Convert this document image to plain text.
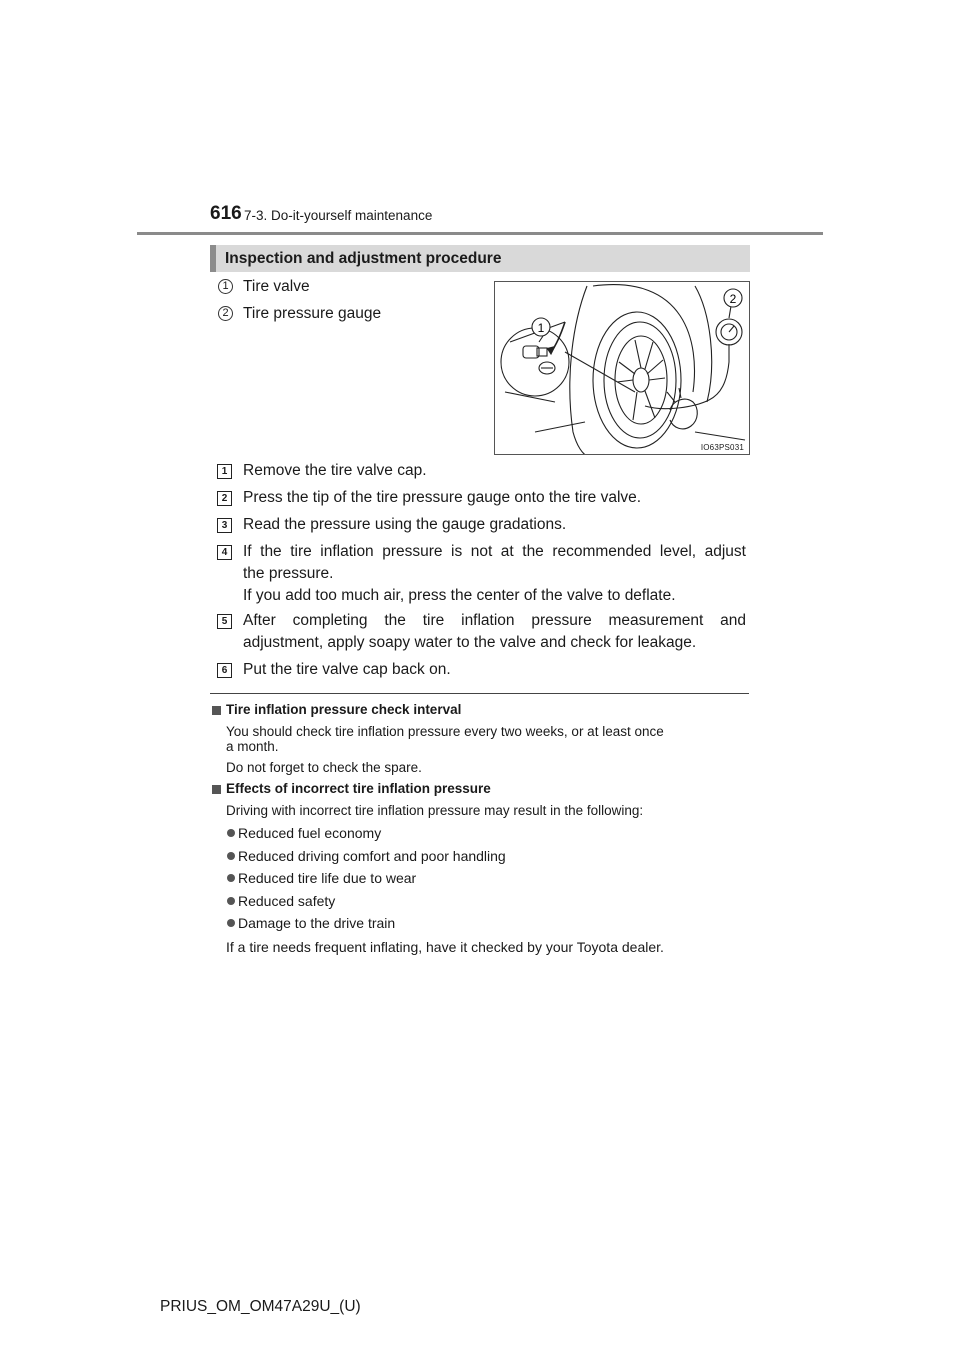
616 7-3. Do-it-yourself maintenance
Inspection and adjustment procedure
1 Tire valve
2 Tire pressure gauge
1
2
IO63PS031
1	Remove the tire valve cap.
2	Press the tip of the tire pressure gauge onto the tire valve.
3	Read the pressure using the gauge gradations.
4	If the tire inflation pressure is not at the recommended level, adjust
the pressure.
If you add too much air, press the center of the valve to deflate.
5	After completing the tire inflation pressure measurement and
adjustment, apply soapy water to the valve and check for leakage.
6	Put the tire valve cap back on.
Tire inflation pressure check interval
You should check tire inflation pressure every two weeks, or at least once
a month.
Do not forget to check the spare.
Effects of incorrect tire inflation pressure
Driving with incorrect tire inflation pressure may result in the following:
Reduced fuel economy
Reduced driving comfort and poor handling
Reduced tire life due to wear
Reduced safety
Damage to the drive train
If a tire needs frequent inflating, have it checked by your Toyota dealer.
PRIUS_OM_OM47A29U_(U)
